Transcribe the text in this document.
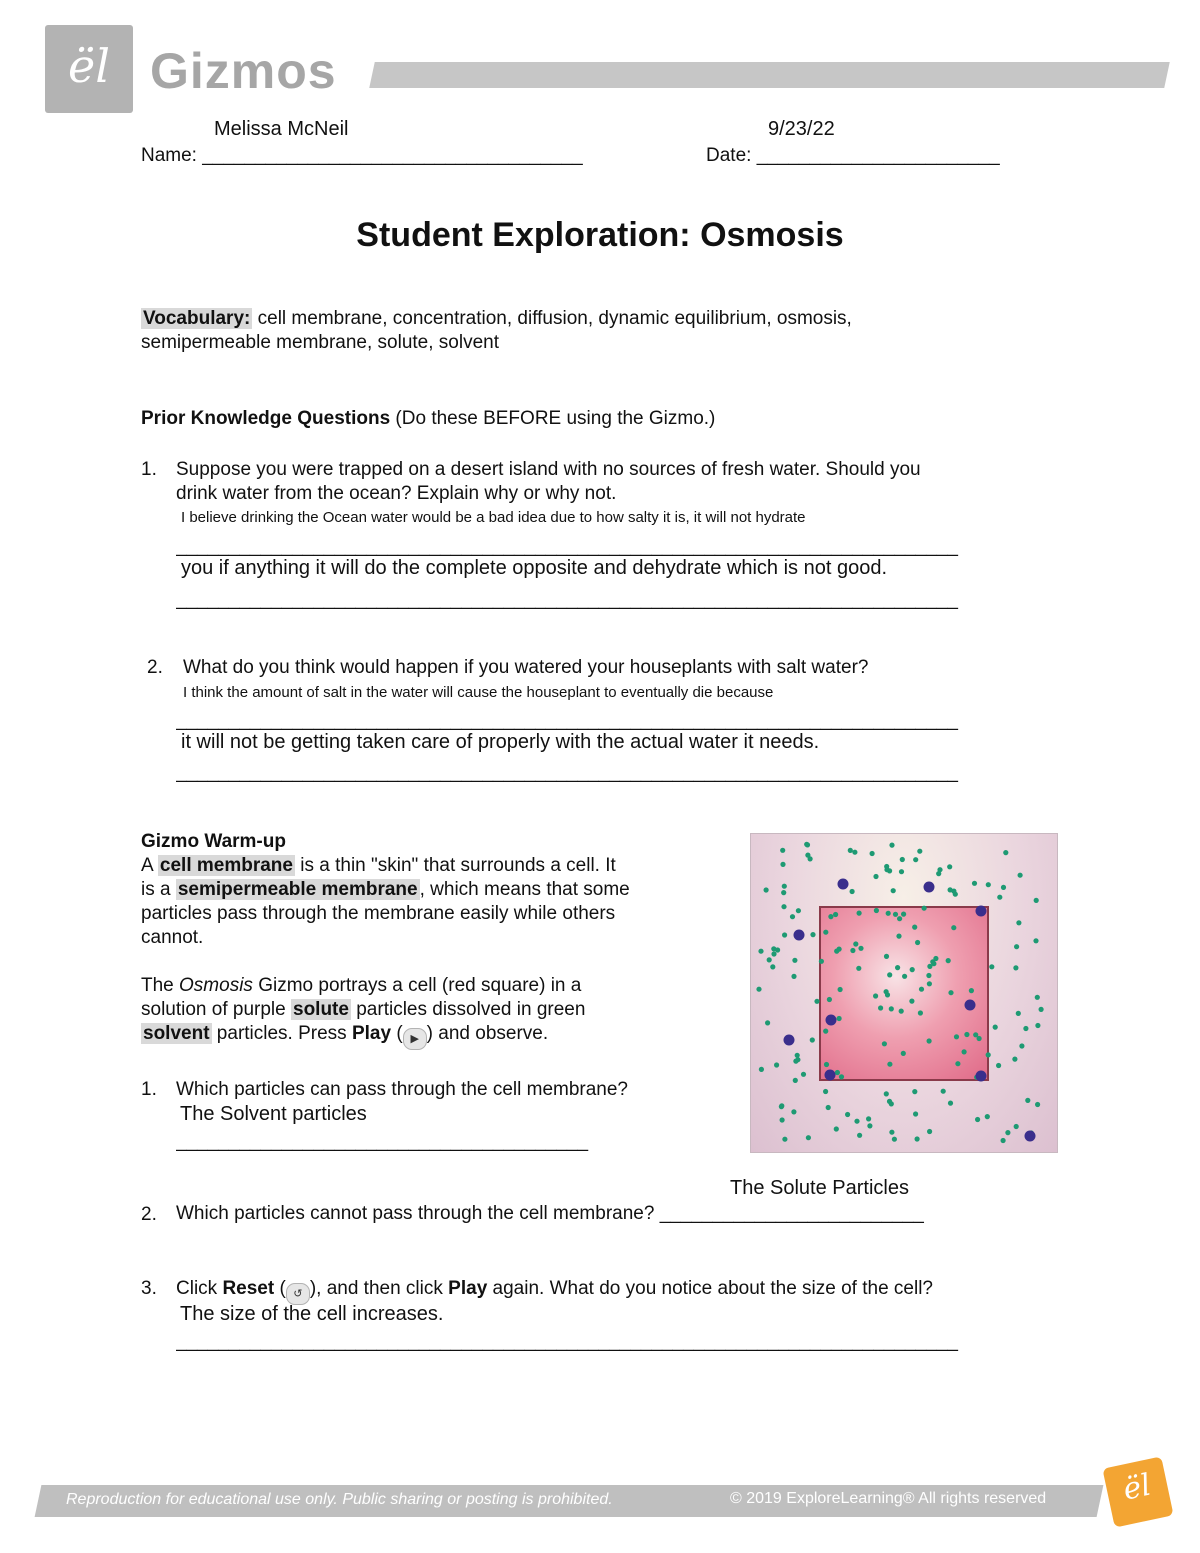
ël Gizmos
Melissa McNeil	9/23/22
Name: ____________________________________	Date: _______________________
Student Exploration: Osmosis
Vocabulary: cell membrane, concentration, diffusion, dynamic equilibrium, osmosis,
semipermeable membrane, solute, solvent
Prior Knowledge Questions (Do these BEFORE using the Gizmo.)
1. Suppose you were trapped on a desert island with no sources of fresh water. Should you
drink water from the ocean? Explain why or why not.
I believe drinking the Ocean water would be a bad idea due to how salty it is, it will not hydrate
__________________________________________________________________________
you if anything it will do the complete opposite and dehydrate which is not good.
__________________________________________________________________________
2. What do you think would happen if you watered your houseplants with salt water?
I think the amount of salt in the water will cause the houseplant to eventually die because
__________________________________________________________________________
it will not be getting taken care of properly with the actual water it needs.
__________________________________________________________________________
Gizmo Warm-up
A cell membrane is a thin "skin" that surrounds a cell. It
is a semipermeable membrane , which means that some
particles pass through the membrane easily while others
cannot.

The Osmosis Gizmo portrays a cell (red square) in a
solution of purple solute particles dissolved in green
solvent particles. Press Play ( ▶ ) and observe.
1. Which particles can pass through the cell membrane?
The Solvent particles
_______________________________________
The Solute Particles
2. Which particles cannot pass through the cell membrane? _________________________
3. Click Reset ( ↺ ), and then click Play again. What do you notice about the size of the cell?
The size of the cell increases.
__________________________________________________________________________
Reproduction for educational use only. Public sharing or posting is prohibited.	© 2019 ExploreLearning® All rights reserved	ël
